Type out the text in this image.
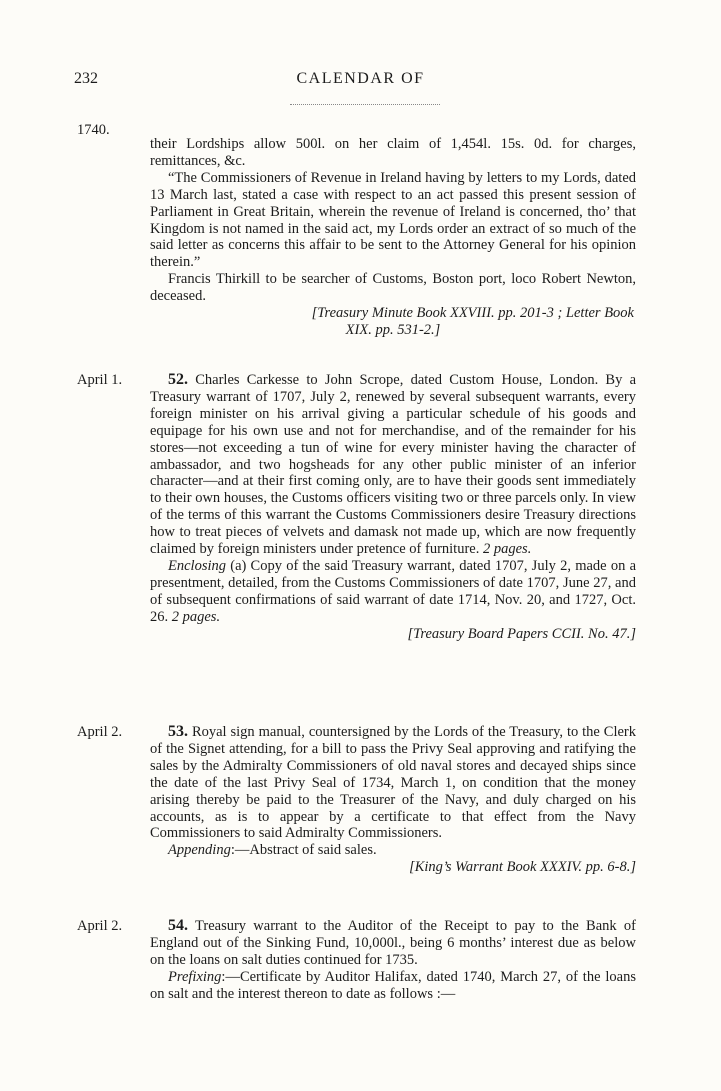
232	CALENDAR OF
1740.

their Lordships allow 500l. on her claim of 1,454l. 15s. 0d. for charges, remittances, &c.

“The Commissioners of Revenue in Ireland having by letters to my Lords, dated 13 March last, stated a case with respect to an act passed this present session of Parliament in Great Britain, wherein the revenue of Ireland is concerned, tho’ that Kingdom is not named in the said act, my Lords order an extract of so much of the said letter as concerns this affair to be sent to the Attorney General for his opinion therein.”

Francis Thirkill to be searcher of Customs, Boston port, loco Robert Newton, deceased.

[Treasury Minute Book XXVIII. pp. 201-3 ; Letter Book

XIX. pp. 531-2.]

April 1.	52. Charles Carkesse to John Scrope, dated Custom House, London. By a Treasury warrant of 1707, July 2, renewed by several subsequent warrants, every foreign minister on his arrival giving a particular schedule of his goods and equipage for his own use and not for merchandise, and of the remainder for his stores—not exceeding a tun of wine for every minister having the character of ambassador, and two hogsheads for any other public minister of an inferior character—and at their first coming only, are to have their goods sent immediately to their own houses, the Customs officers visiting two or three parcels only. In view of the terms of this warrant the Customs Commissioners desire Treasury directions how to treat pieces of velvets and damask not made up, which are now frequently claimed by foreign ministers under pretence of furniture. 2 pages.

Enclosing (a) Copy of the said Treasury warrant, dated 1707, July 2, made on a presentment, detailed, from the Customs Commissioners of date 1707, June 27, and of subsequent confirmations of said warrant of date 1714, Nov. 20, and 1727, Oct. 26. 2 pages.

[Treasury Board Papers CCII. No. 47.]

April 2.	53. Royal sign manual, countersigned by the Lords of the Treasury, to the Clerk of the Signet attending, for a bill to pass the Privy Seal approving and ratifying the sales by the Admiralty Commissioners of old naval stores and decayed ships since the date of the last Privy Seal of 1734, March 1, on condition that the money arising thereby be paid to the Treasurer of the Navy, and duly charged on his accounts, as is to appear by a certificate to that effect from the Navy Commissioners to said Admiralty Commissioners.

Appending:—Abstract of said sales.

[King’s Warrant Book XXXIV. pp. 6-8.]

April 2.	54. Treasury warrant to the Auditor of the Receipt to pay to the Bank of England out of the Sinking Fund, 10,000l., being 6 months’ interest due as below on the loans on salt duties continued for 1735.

Prefixing:—Certificate by Auditor Halifax, dated 1740, March 27, of the loans on salt and the interest thereon to date as follows :—
